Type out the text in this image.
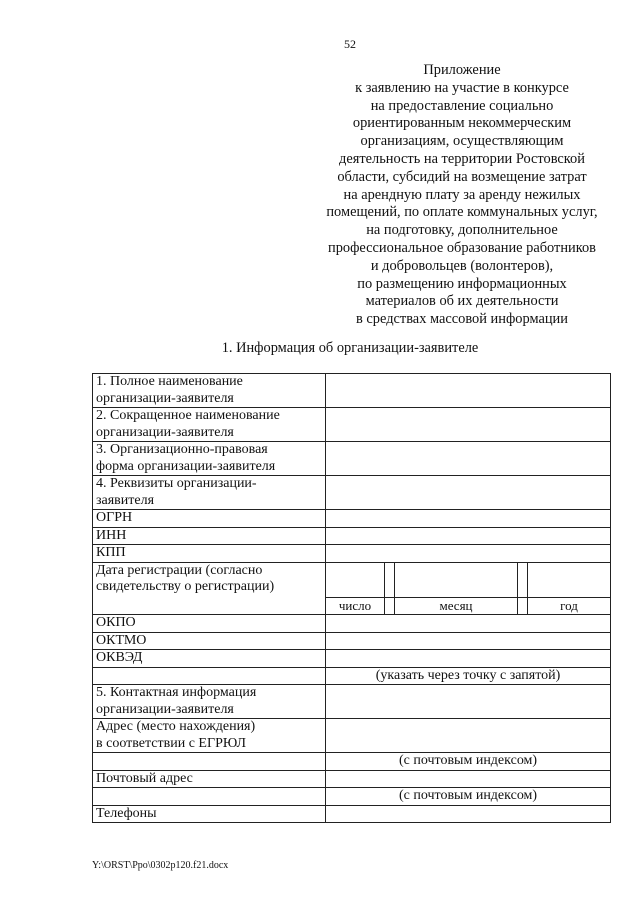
52
Приложение
к заявлению на участие в конкурсе
на предоставление социально
ориентированным некоммерческим
организациям, осуществляющим
деятельность на территории Ростовской
области, субсидий на возмещение затрат
на арендную плату за аренду нежилых
помещений, по оплате коммунальных услуг,
на подготовку, дополнительное
профессиональное образование работников
и добровольцев (волонтеров),
по размещению информационных
материалов об их деятельности
в средствах массовой информации
1. Информация об организации-заявителе
1. Полное наименование
организации-заявителя					

2. Сокращенное наименование
организации-заявителя					

3. Организационно-правовая
форма организации-заявителя					

4. Реквизиты организации-
заявителя					

ОГРН					
ИНН					
КПП					

Дата регистрации (согласно
свидетельству о регистрации)					

	число		месяц		год
ОКПО					
ОКТМО					
ОКВЭД					
	(указать через точку с запятой)				

5. Контактная информация
организации-заявителя					

Адрес (место нахождения)
в соответствии с ЕГРЮЛ					

	(с почтовым индексом)				
Почтовый адрес					
	(с почтовым индексом)				
Телефоны					
Y:\ORST\Ppo\0302p120.f21.docx
